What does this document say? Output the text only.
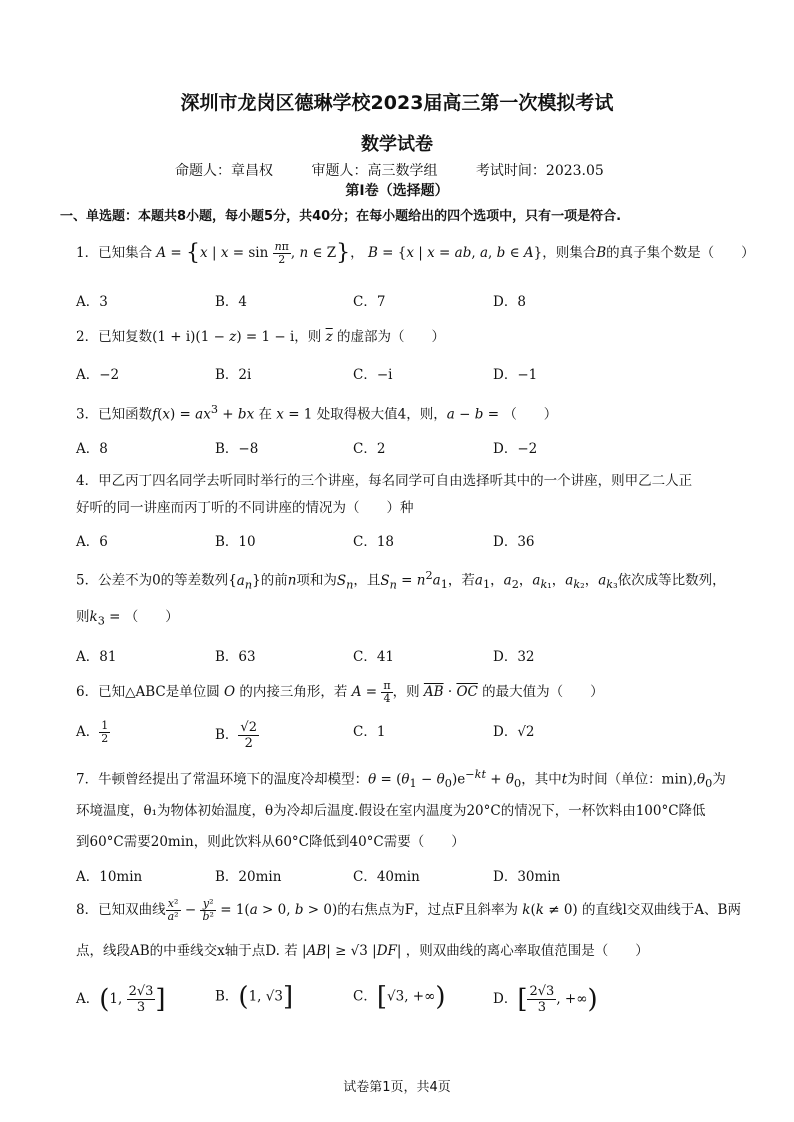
深圳市龙岗区德琳学校2023届高三第一次模拟考试
数学试卷
命题人：章昌权	审题人：高三数学组	考试时间：2023.05
第Ⅰ卷（选择题）
一、单选题：本题共8小题，每小题5分，共40分；在每小题给出的四个选项中，只有一项是符合.
1．已知集合 A = {x | $x = \sin \frac{n\pi}{2}$ , n ∈ Z}， B = {x | x = ab, a, b ∈ A}，则集合B的真子集个数是（　　）
A．3	B．4	C．7	D．8
2．已知复数(1 + i)(1 − z) = 1 − i，则 $\overline{z}$ 的虚部为（　　）
A．−2	B．2i	C．−i	D．−1
3．已知函数$f(x) = ax^3$ + bx 在 x = 1 处取得极大值4，则，a − b = （　　）
A．8	B．−8	C．2	D．−2
4．甲乙丙丁四名同学去听同时举行的三个讲座，每名同学可自由选择听其中的一个讲座，则甲乙二人正
好听的同一讲座而丙丁听的不同讲座的情况为（　　）种
A．6	B．10	C．18	D．36
5．公差不为0的等差数列$\{a_n\}$的前n项和为$S_n$，且$S_n = n^2a_1$，若$a_1$，$a_2$，$a_{k_1}$，$a_{k_2}$，$a_{k_3}$依次成等比数列，
则$k_3$ = （　　）
A．81	B．63	C．41	D．32
6．已知△ABC是单位圆 O 的内接三角形，若 $A = \frac{\pi}{4}$ ，则 $\overline{AB} \cdot \overline{OC}$ 的最大值为（　　）
A． $\frac{1}{2}$	B． $\frac{√2}{2}$	C．1	D．√2
7．牛顿曾经提出了常温环境下的温度冷却模型：$\theta = (\theta_1 - \theta_0)e^{-kt} + \theta_0$，其中t为时间（单位：$\min),\theta_0$为
环境温度，θ₁为物体初始温度，θ为冷却后温度.假设在室内温度为20°C的情况下，一杯饮料由100°C降低
到60°C需要20min，则此饮料从60°C降低到40°C需要（　　）
A．10min	B．20min	C．40min	D．30min
8．已知双曲线 $\frac{\text{x²}}{\text{a²}} - \frac{\text{y²}}{\text{b²}} = 1(a > 0$, b > 0)的右焦点为F，过点F且斜率为 k(k ≠ 0) 的直线l交双曲线于A、B两
点，线段AB的中垂线交x轴于点D. 若 |AB| ≥ √3 |DF| ，则双曲线的离心率取值范围是（　　）
A．(1, $\frac{2√3}{3}$ ]	B．(1, √3]	C．[√3, +∞)	D．[ $\frac{2√3}{3}$ , +∞)
试卷第1页，共4页
